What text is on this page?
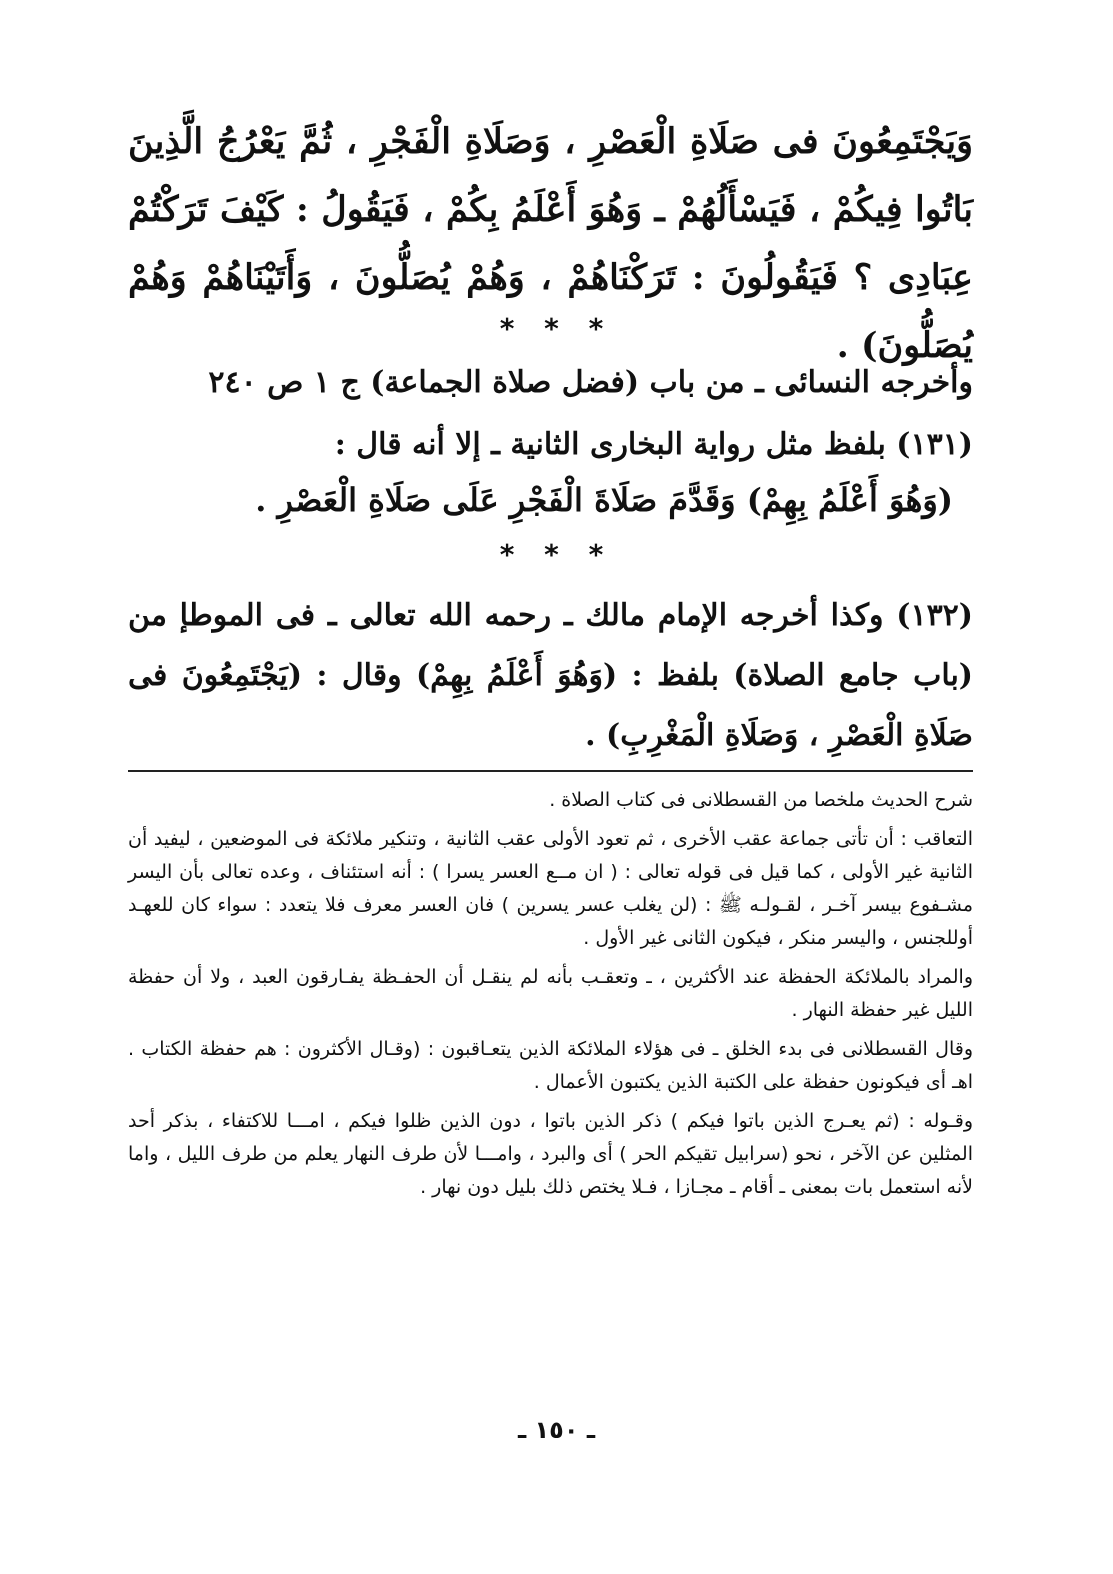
وَيَجْتَمِعُونَ فى صَلَاةِ الْعَصْرِ ، وَصَلَاةِ الْفَجْرِ ، ثُمَّ يَعْرُجُ الَّذِينَ بَاتُوا فِيكُمْ ، فَيَسْأَلُهُمْ ـ وَهُوَ أَعْلَمُ بِكُمْ ، فَيَقُولُ : كَيْفَ تَرَكْتُمْ عِبَادِى ؟ فَيَقُولُونَ : تَرَكْنَاهُمْ ، وَهُمْ يُصَلُّونَ ، وَأَتَيْنَاهُمْ وَهُمْ يُصَلُّونَ) .
* * *
وأخرجه النسائى ـ من باب (فضل صلاة الجماعة) ج ١ ص ٢٤٠
(١٣١) بلفظ مثل رواية البخارى الثانية ـ إلا أنه قال :
(وَهُوَ أَعْلَمُ بِهِمْ) وَقَدَّمَ صَلَاةَ الْفَجْرِ عَلَى صَلَاةِ الْعَصْرِ .
* * *
(١٣٢) وكذا أخرجه الإمام مالك ـ رحمه الله تعالى ـ فى الموطإ من (باب جامع الصلاة) بلفظ : (وَهُوَ أَعْلَمُ بِهِمْ) وقال : (يَجْتَمِعُونَ فى صَلَاةِ الْعَصْرِ ، وَصَلَاةِ الْمَغْرِبِ) .

شرح الحديث ملخصا من القسطلانى فى كتاب الصلاة .

التعاقب : أن تأتى جماعة عقب الأخرى ، ثم تعود الأولى عقب الثانية ، وتنكير ملائكة فى الموضعين ، ليفيد أن الثانية غير الأولى ، كما قيل فى قوله تعالى : ( ان مــع العسر يسرا ) : أنه استئناف ، وعده تعالى بأن اليسر مشـفوع بيسر آخـر ، لقـولـه ﷺ : (لن يغلب عسر يسرين ) فان العسر معرف فلا يتعدد : سواء كان للعهـد أوللجنس ، واليسر منكر ، فيكون الثانى غير الأول .

والمراد بالملائكة الحفظة عند الأكثرين ، ـ وتعقـب بأنه لم ينقـل أن الحفـظة يفـارقون العبد ، ولا أن حفظة الليل غير حفظة النهار .

وقال القسطلانى فى بدء الخلق ـ فى هؤلاء الملائكة الذين يتعـاقبون : (وقـال الأكثرون : هم حفظة الكتاب . اهـ أى فيكونون حفظة على الكتبة الذين يكتبون الأعمال .

وقـوله : (ثم يعـرج الذين باتوا فيكم ) ذكر الذين باتوا ، دون الذين ظلوا فيكم ، امـــا للاكتفاء ، بذكر أحد المثلين عن الآخر ، نحو (سرابيل تقيكم الحر ) أى والبرد ، وامـــا لأن طرف النهار يعلم من طرف الليل ، واما لأنه استعمل بات بمعنى ـ أقام ـ مجـازا ، فـلا يختص ذلك بليل دون نهار .

ـ ١٥٠ ـ
